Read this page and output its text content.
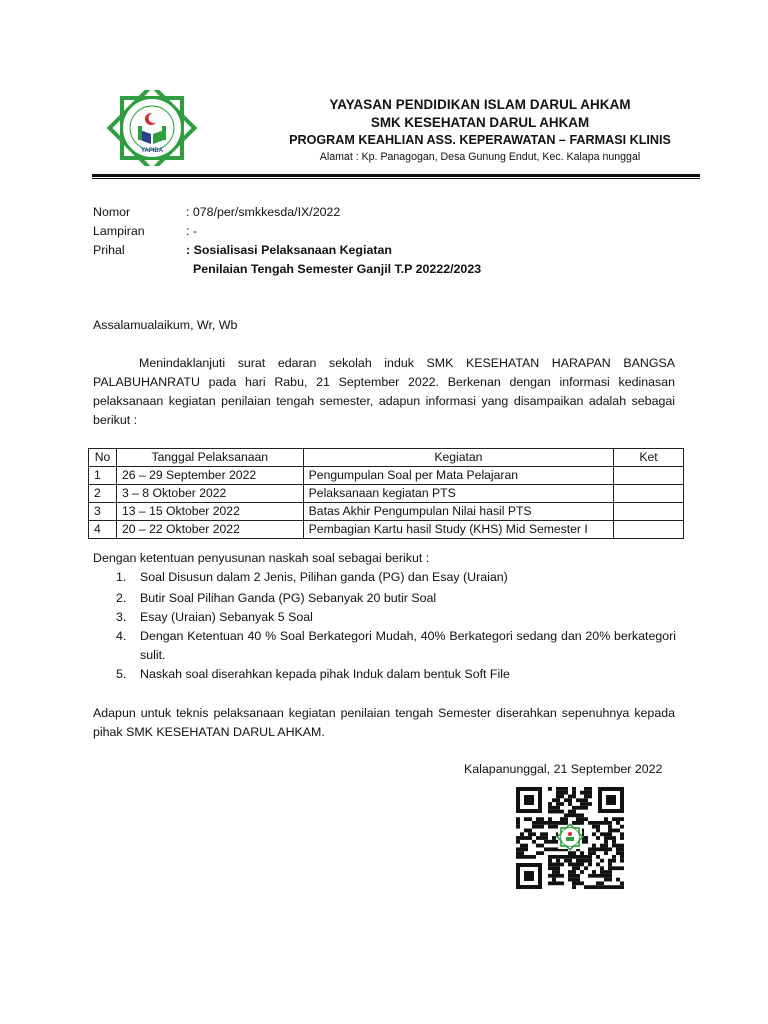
YAPIDA
YAYASAN PENDIDIKAN ISLAM DARUL AHKAM
SMK KESEHATAN DARUL AHKAM
PROGRAM KEAHLIAN ASS. KEPERAWATAN – FARMASI KLINIS
Alamat : Kp. Panagogan, Desa Gunung Endut, Kec. Kalapa nunggal
Nomor	: 078/per/smkkesda/IX/2022
Lampiran	: -
Prihal	: Sosialisasi Pelaksanaan Kegiatan
Penilaian Tengah Semester Ganjil T.P 20222/2023
Assalamualaikum, Wr, Wb
Menindaklanjuti surat edaran sekolah induk SMK KESEHATAN HARAPAN BANGSA PALABUHANRATU pada hari Rabu, 21 September 2022. Berkenan dengan informasi kedinasan pelaksanaan kegiatan penilaian tengah semester, adapun informasi yang disampaikan adalah sebagai berikut :
No	Tanggal Pelaksanaan	Kegiatan	Ket
1	26 – 29 September 2022	Pengumpulan Soal per Mata Pelajaran	
2	3 – 8 Oktober 2022	Pelaksanaan kegiatan PTS	
3	13 – 15 Oktober 2022	Batas Akhir Pengumpulan Nilai hasil PTS	
4	20 – 22 Oktober 2022	Pembagian Kartu hasil Study (KHS) Mid Semester I	
Dengan ketentuan penyusunan naskah soal sebagai berikut :
1. Soal Disusun dalam 2 Jenis, Pilihan ganda (PG) dan Esay (Uraian)
2. Butir Soal Pilihan Ganda (PG) Sebanyak 20 butir Soal
3. Esay (Uraian) Sebanyak 5 Soal
4. Dengan Ketentuan 40 % Soal Berkategori Mudah, 40% Berkategori sedang dan 20% berkategori sulit.
5. Naskah soal diserahkan kepada pihak Induk dalam bentuk Soft File
Adapun untuk teknis pelaksanaan kegiatan penilaian tengah Semester diserahkan sepenuhnya kepada pihak SMK KESEHATAN DARUL AHKAM.
Kalapanunggal, 21 September 2022
